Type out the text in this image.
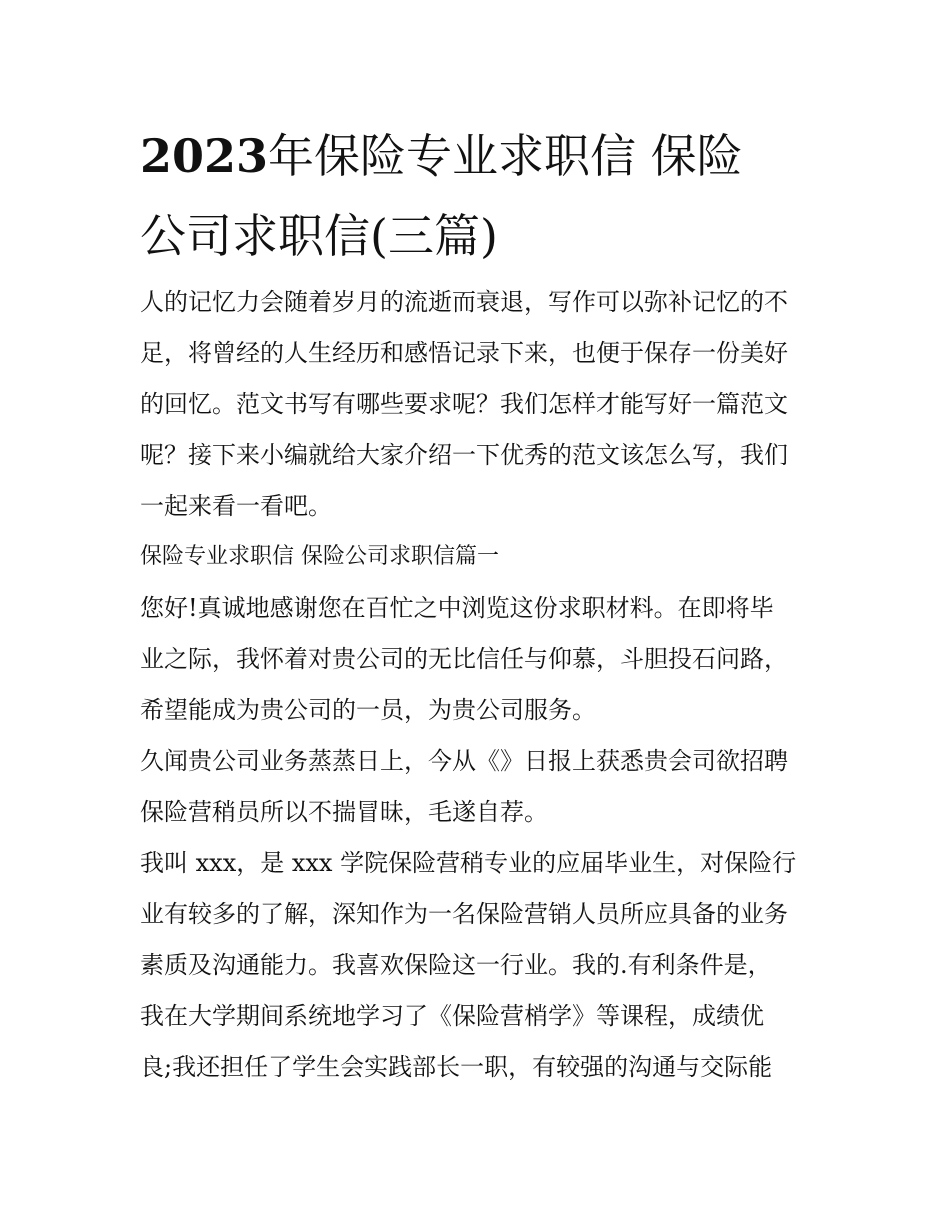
2023年保险专业求职信 保险
公司求职信(三篇)
人的记忆力会随着岁月的流逝而衰退，写作可以弥补记忆的不
足，将曾经的人生经历和感悟记录下来，也便于保存一份美好
的回忆。范文书写有哪些要求呢？我们怎样才能写好一篇范文
呢？接下来小编就给大家介绍一下优秀的范文该怎么写，我们
一起来看一看吧。
保险专业求职信 保险公司求职信篇一
您好!真诚地感谢您在百忙之中浏览这份求职材料。在即将毕
业之际，我怀着对贵公司的无比信任与仰慕，斗胆投石问路，
希望能成为贵公司的一员，为贵公司服务。
久闻贵公司业务蒸蒸日上，今从《》日报上获悉贵会司欲招聘
保险营稍员所以不揣冒昧，毛遂自荐。
我叫 xxx，是 xxx 学院保险营稍专业的应届毕业生，对保险行
业有较多的了解，深知作为一名保险营销人员所应具备的业务
素质及沟通能力。我喜欢保险这一行业。我的.有利条件是，
我在大学期间系统地学习了《保险营梢学》等课程，成绩优
良;我还担任了学生会实践部长一职，有较强的沟通与交际能
